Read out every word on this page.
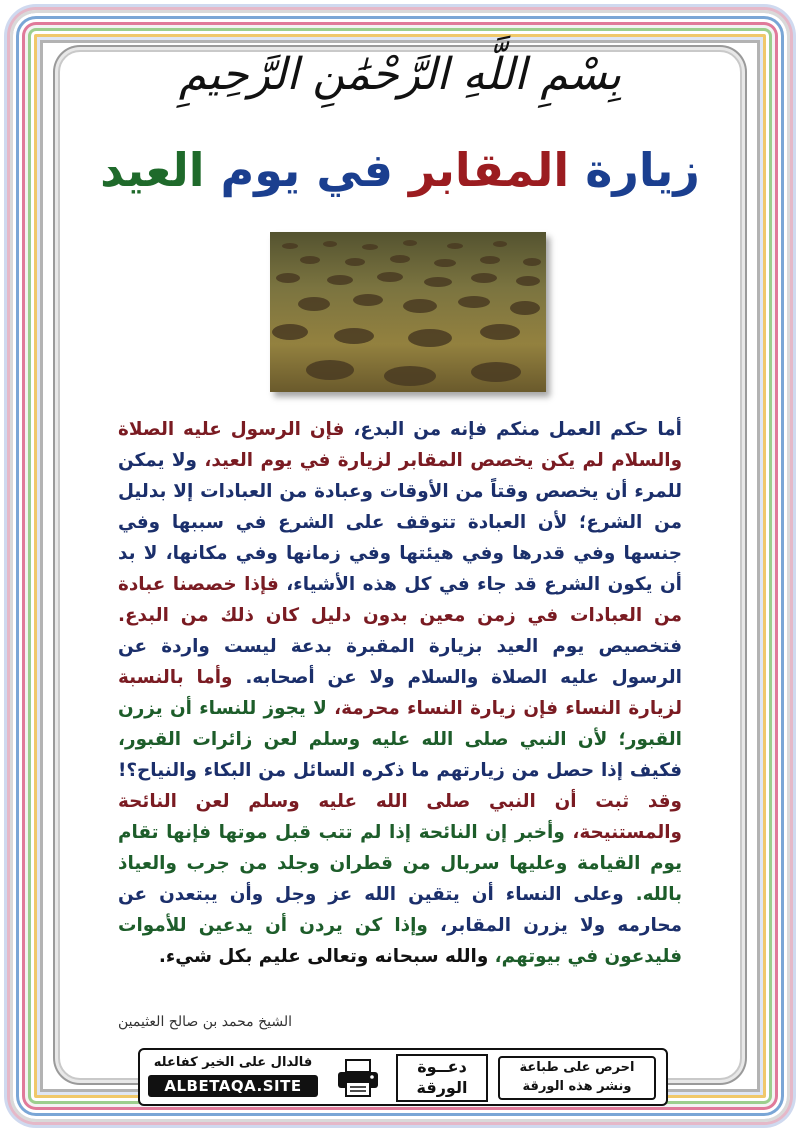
بِسْمِ اللَّهِ الرَّحْمَٰنِ الرَّحِيمِ
زيارة المقابر في يوم العيد
أما حكم العمل منكم فإنه من البدع، فإن الرسول عليه الصلاة والسلام لم يكن يخصص المقابر لزيارة في يوم العيد، ولا يمكن للمرء أن يخصص وقتاً من الأوقات وعبادة من العبادات إلا بدليل من الشرع؛ لأن العبادة تتوقف على الشرع في سببها وفي جنسها وفي قدرها وفي هيئتها وفي زمانها وفي مكانها، لا بد أن يكون الشرع قد جاء في كل هذه الأشياء، فإذا خصصنا عبادة من العبادات في زمن معين بدون دليل كان ذلك من البدع. فتخصيص يوم العيد بزيارة المقبرة بدعة ليست واردة عن الرسول عليه الصلاة والسلام ولا عن أصحابه. وأما بالنسبة لزيارة النساء فإن زيارة النساء محرمة، لا يجوز للنساء أن يزرن القبور؛ لأن النبي صلى الله عليه وسلم لعن زائرات القبور، فكيف إذا حصل من زيارتهم ما ذكره السائل من البكاء والنياح؟! وقد ثبت أن النبي صلى الله عليه وسلم لعن النائحة والمستنيحة، وأخبر إن النائحة إذا لم تتب قبل موتها فإنها تقام يوم القيامة وعليها سربال من قطران وجلد من جرب والعياذ بالله. وعلى النساء أن يتقين الله عز وجل وأن يبتعدن عن محارمه ولا يزرن المقابر، وإذا كن يردن أن يدعين للأموات فليدعون في بيوتهم، والله سبحانه وتعالى عليم بكل شيء.
الشيخ محمد بن صالح العثيمين
فالدال على الخير كفاعله
ALBETAQA.SITE
دعــوة
الورقة
احرص على طباعة
ونشر هذه الورقة
